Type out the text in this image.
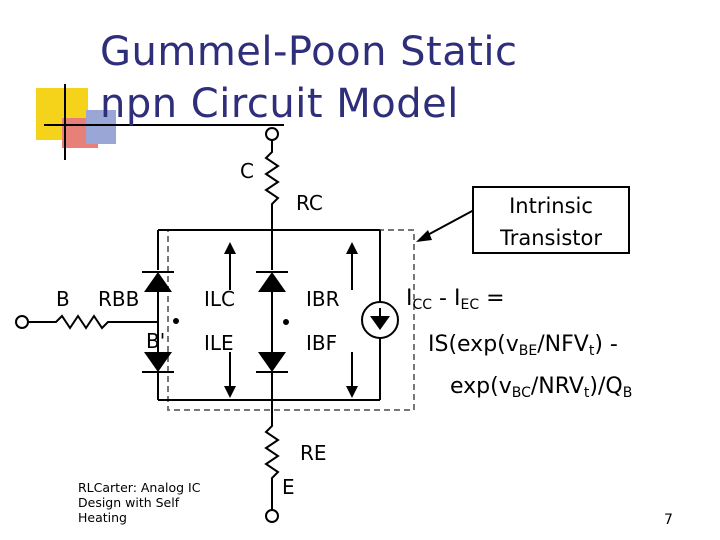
Gummel-Poon Static
npn Circuit Model
C
RC
B RBB
B'
ILC
ILE
IBR
IBF
RE
E
Intrinsic
Transistor
$I_{CC} - I_{EC}$ =
$IS(\exp(v_{BE}/NFV_t)$ -
$\exp(v_{BC}/NRV_t)/Q_B$
RLCarter: Analog IC Design with Self Heating	7
